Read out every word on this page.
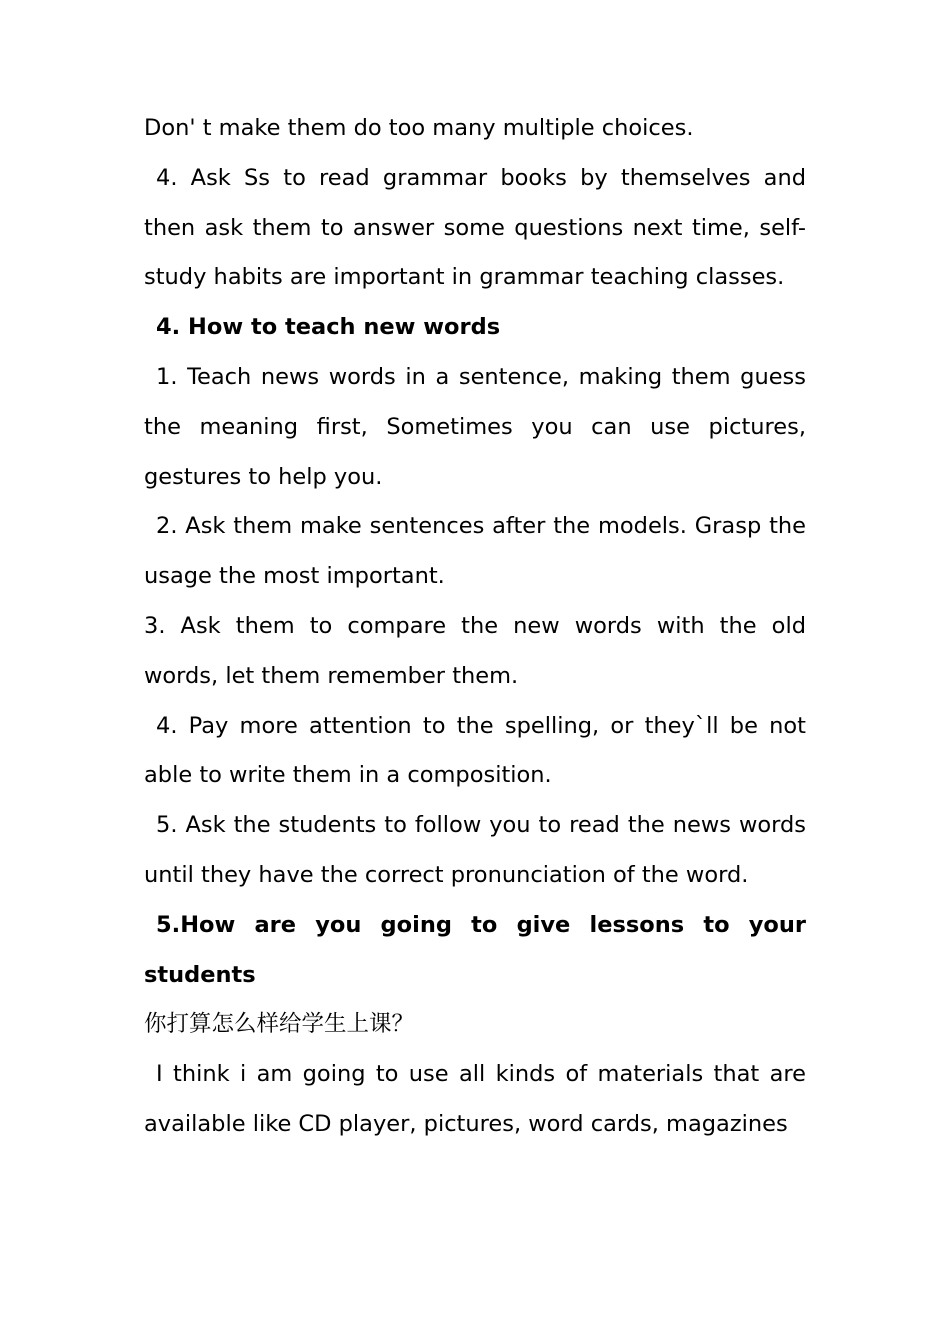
Don' t make them do too many multiple choices.

4. Ask Ss to read grammar books by themselves and then ask them to answer some questions next time, self-study habits are important in grammar teaching classes.

4. How to teach new words

1. Teach news words in a sentence, making them guess the meaning first, Sometimes you can use pictures, gestures to help you.

2. Ask them make sentences after the models. Grasp the usage the most important.

3. Ask them to compare the new words with the old words, let them remember them.

4. Pay more attention to the spelling, or they`ll be not able to write them in a composition.

5. Ask the students to follow you to read the news words until they have the correct pronunciation of the word.

5.How are you going to give lessons to your students

你打算怎么样给学生上课？

I think i am going to use all kinds of materials that are available like CD player, pictures, word cards, magazines
